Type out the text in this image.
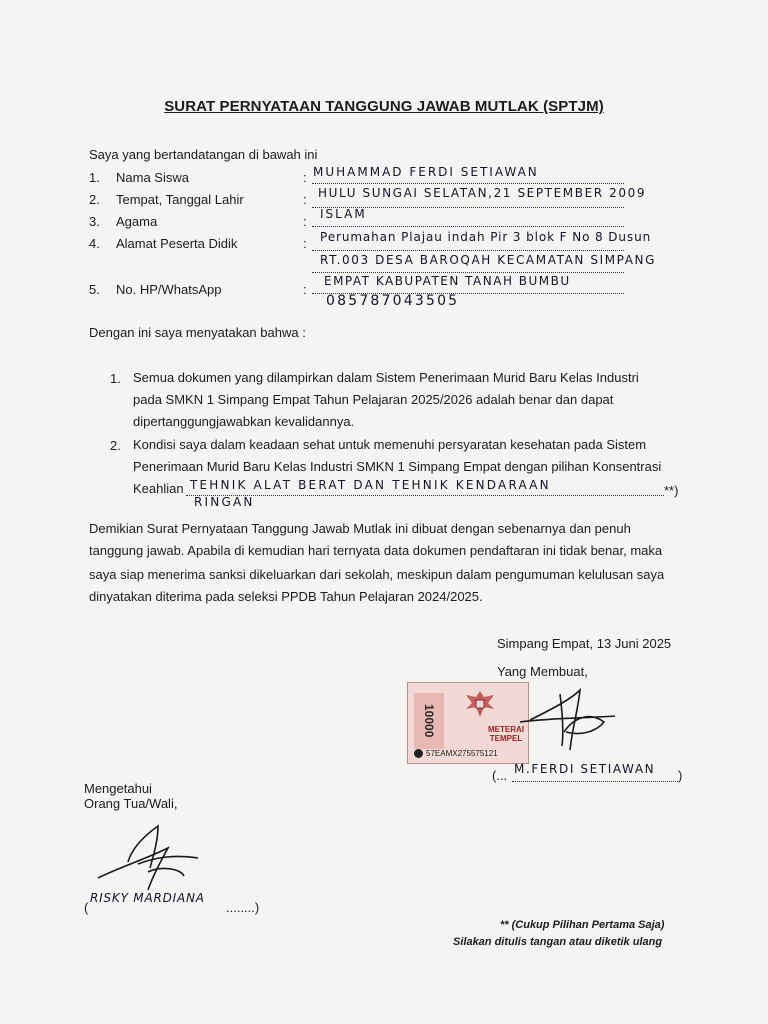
SURAT PERNYATAAN TANGGUNG JAWAB MUTLAK (SPTJM)
Saya yang bertandatangan di bawah ini
1. Nama Siswa	: MUHAMMAD FERDI SETIAWAN
2. Tempat, Tanggal Lahir	: HULU SUNGAI SELATAN,21 SEPTEMBER 2009
3. Agama	: ISLAM
4. Alamat Peserta Didik	: Perumahan Plajau indah Pir 3 blok F No 8 Dusun
RT.003 DESA BAROQAH KECAMATAN SIMPANG
EMPAT KABUPATEN TANAH BUMBU
5. No. HP/WhatsApp	:
085787043505
Dengan ini saya menyatakan bahwa :
1. Semua dokumen yang dilampirkan dalam Sistem Penerimaan Murid Baru Kelas Industri
pada SMKN 1 Simpang Empat Tahun Pelajaran 2025/2026 adalah benar dan dapat
dipertanggungjawabkan kevalidannya.
2. Kondisi saya dalam keadaan sehat untuk memenuhi persyaratan kesehatan pada Sistem
Penerimaan Murid Baru Kelas Industri SMKN 1 Simpang Empat dengan pilihan Konsentrasi
Keahlian TEHNIK ALAT BERAT DAN TEHNIK KENDARAAN	**)
RINGAN
Demikian Surat Pernyataan Tanggung Jawab Mutlak ini dibuat dengan sebenarnya dan penuh
tanggung jawab. Apabila di kemudian hari ternyata data dokumen pendaftaran ini tidak benar, maka
saya siap menerima sanksi dikeluarkan dari sekolah, meskipun dalam pengumuman kelulusan saya
dinyatakan diterima pada seleksi PPDB Tahun Pelajaran 2024/2025.
Simpang Empat, 13 Juni 2025
Yang Membuat,
10000	METERAI
TEMPEL
57EAMX275575121
(... M.FERDI SETIAWAN )
Mengetahui
Orang Tua/Wali,
(
RISKY MARDIANA
........)
** (Cukup Pilihan Pertama Saja)
Silakan ditulis tangan atau diketik ulang
